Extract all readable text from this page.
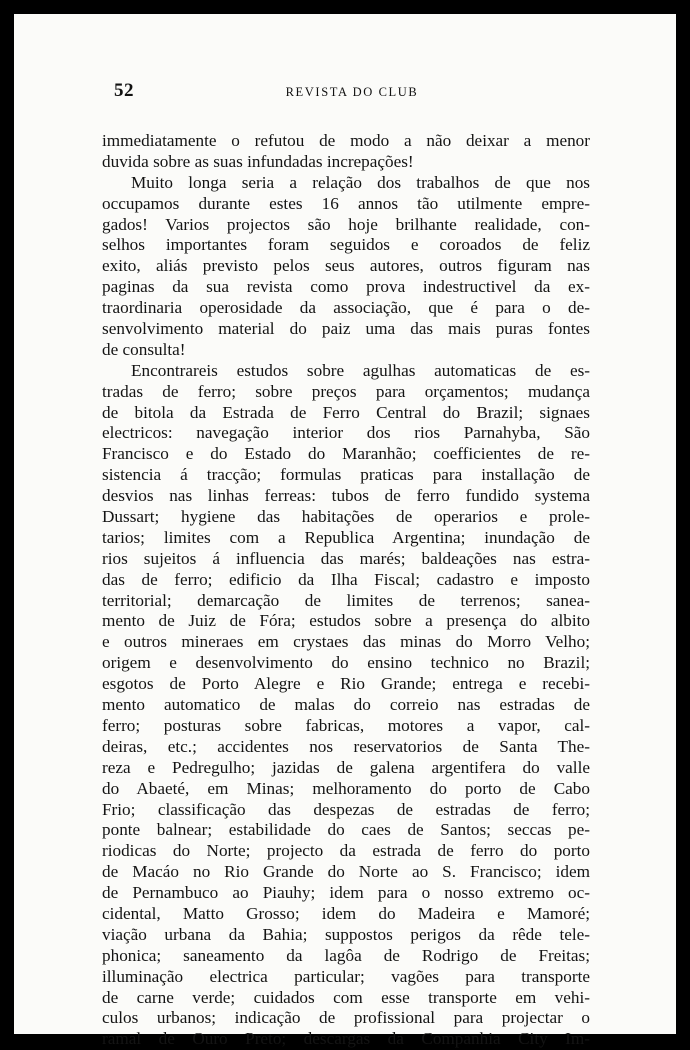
52	REVISTA DO CLUB
immediatamente o refutou de modo a não deixar a menor
duvida sobre as suas infundadas increpações!
Muito longa seria a relação dos trabalhos de que nos
occupamos durante estes 16 annos tão utilmente empre-
gados! Varios projectos são hoje brilhante realidade, con-
selhos importantes foram seguidos e coroados de feliz
exito, aliás previsto pelos seus autores, outros figuram nas
paginas da sua revista como prova indestructivel da ex-
traordinaria operosidade da associação, que é para o de-
senvolvimento material do paiz uma das mais puras fontes
de consulta!
Encontrareis estudos sobre agulhas automaticas de es-
tradas de ferro; sobre preços para orçamentos; mudança
de bitola da Estrada de Ferro Central do Brazil; signaes
electricos: navegação interior dos rios Parnahyba, São
Francisco e do Estado do Maranhão; coefficientes de re-
sistencia á tracção; formulas praticas para installação de
desvios nas linhas ferreas: tubos de ferro fundido systema
Dussart; hygiene das habitações de operarios e prole-
tarios; limites com a Republica Argentina; inundação de
rios sujeitos á influencia das marés; baldeações nas estra-
das de ferro; edificio da Ilha Fiscal; cadastro e imposto
territorial; demarcação de limites de terrenos; sanea-
mento de Juiz de Fóra; estudos sobre a presença do albito
e outros mineraes em crystaes das minas do Morro Velho;
origem e desenvolvimento do ensino technico no Brazil;
esgotos de Porto Alegre e Rio Grande; entrega e recebi-
mento automatico de malas do correio nas estradas de
ferro; posturas sobre fabricas, motores a vapor, cal-
deiras, etc.; accidentes nos reservatorios de Santa The-
reza e Pedregulho; jazidas de galena argentifera do valle
do Abaeté, em Minas; melhoramento do porto de Cabo
Frio; classificação das despezas de estradas de ferro;
ponte balnear; estabilidade do caes de Santos; seccas pe-
riodicas do Norte; projecto da estrada de ferro do porto
de Macáo no Rio Grande do Norte ao S. Francisco; idem
de Pernambuco ao Piauhy; idem para o nosso extremo oc-
cidental, Matto Grosso; idem do Madeira e Mamoré;
viação urbana da Bahia; suppostos perigos da rêde tele-
phonica; saneamento da lagôa de Rodrigo de Freitas;
illuminação electrica particular; vagões para transporte
de carne verde; cuidados com esse transporte em vehi-
culos urbanos; indicação de profissional para projectar o
ramal de Ouro Preto; descargas da Companhia City Im-
